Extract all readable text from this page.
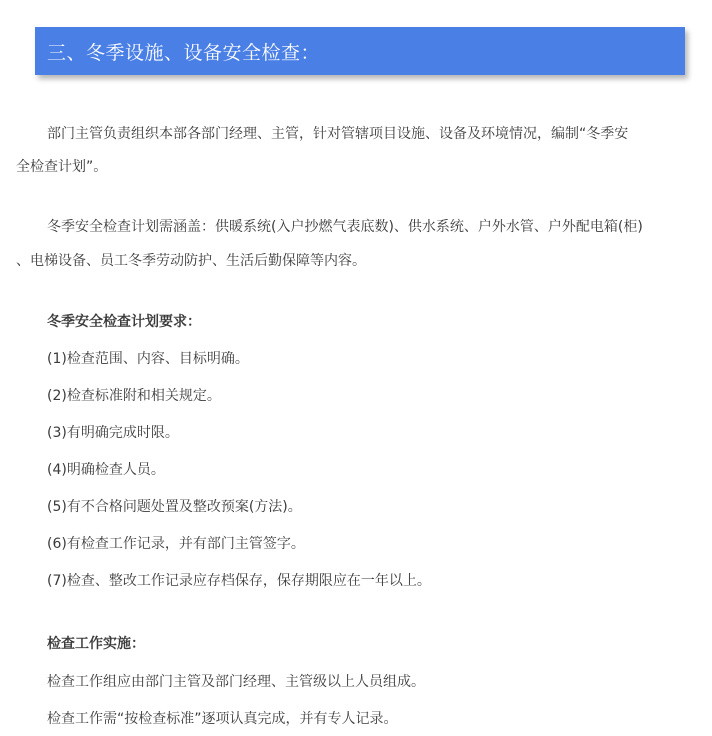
三、冬季设施、设备安全检查：

部门主管负责组织本部各部门经理、主管，针对管辖项目设施、设备及环境情况，编制“冬季安

全检查计划”。

冬季安全检查计划需涵盖：供暖系统(入户抄燃气表底数)、供水系统、户外水管、户外配电箱(柜)

、电梯设备、员工冬季劳动防护、生活后勤保障等内容。

冬季安全检查计划要求：

(1)检查范围、内容、目标明确。

(2)检查标准附和相关规定。

(3)有明确完成时限。

(4)明确检查人员。

(5)有不合格问题处置及整改预案(方法)。

(6)有检查工作记录，并有部门主管签字。

(7)检查、整改工作记录应存档保存，保存期限应在一年以上。

检查工作实施：

检查工作组应由部门主管及部门经理、主管级以上人员组成。

检查工作需“按检查标准”逐项认真完成，并有专人记录。
